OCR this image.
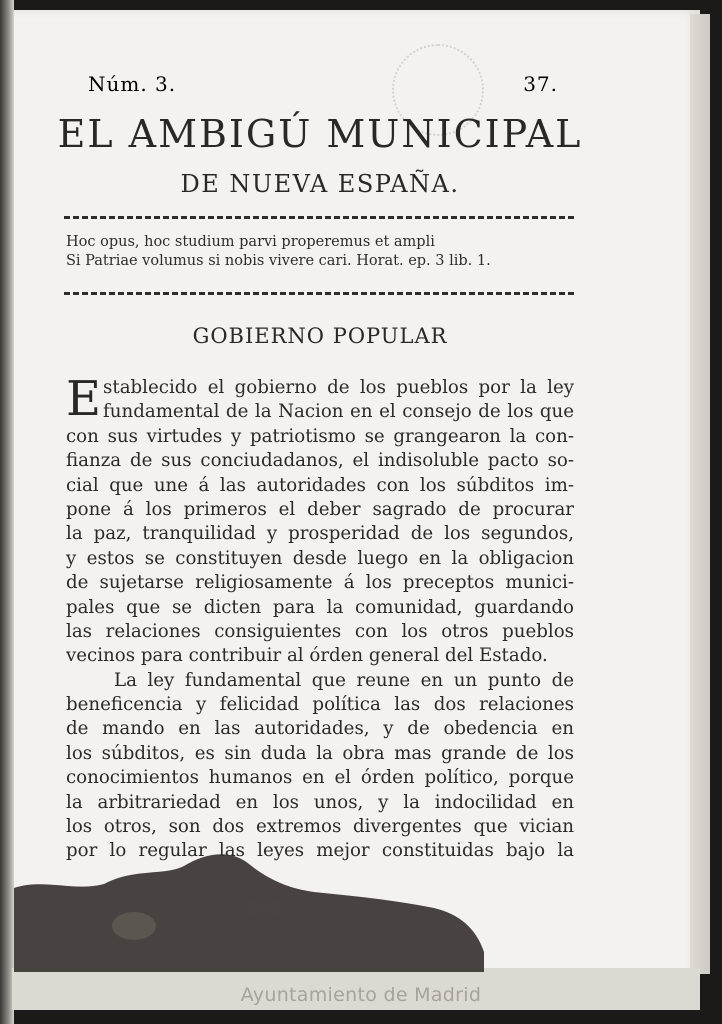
Núm. 3.	37.
EL AMBIGÚ MUNICIPAL
DE NUEVA ESPAÑA.
Hoc opus, hoc studium parvi properemus et ampli
Si Patriae volumus si nobis vivere cari. Horat. ep. 3 lib. 1.
GOBIERNO POPULAR
E stablecido el gobierno de los pueblos por la ley
fundamental de la Nacion en el consejo de los que
con sus virtudes y patriotismo se grangearon la con-
fianza de sus conciudadanos, el indisoluble pacto so-
cial que une á las autoridades con los súbditos im-
pone á los primeros el deber sagrado de procurar
la paz, tranquilidad y prosperidad de los segundos,
y estos se constituyen desde luego en la obligacion
de sujetarse religiosamente á los preceptos munici-
pales que se dicten para la comunidad, guardando
las relaciones consiguientes con los otros pueblos
vecinos para contribuir al órden general del Estado.
La ley fundamental que reune en un punto de
beneficencia y felicidad política las dos relaciones
de mando en las autoridades, y de obedencia en
los súbditos, es sin duda la obra mas grande de los
conocimientos humanos en el órden político, porque
la arbitrariedad en los unos, y la indocilidad en
los otros, son dos extremos divergentes que vician
por lo regular las leyes mejor constituidas bajo la
Ayuntamiento de Madrid
